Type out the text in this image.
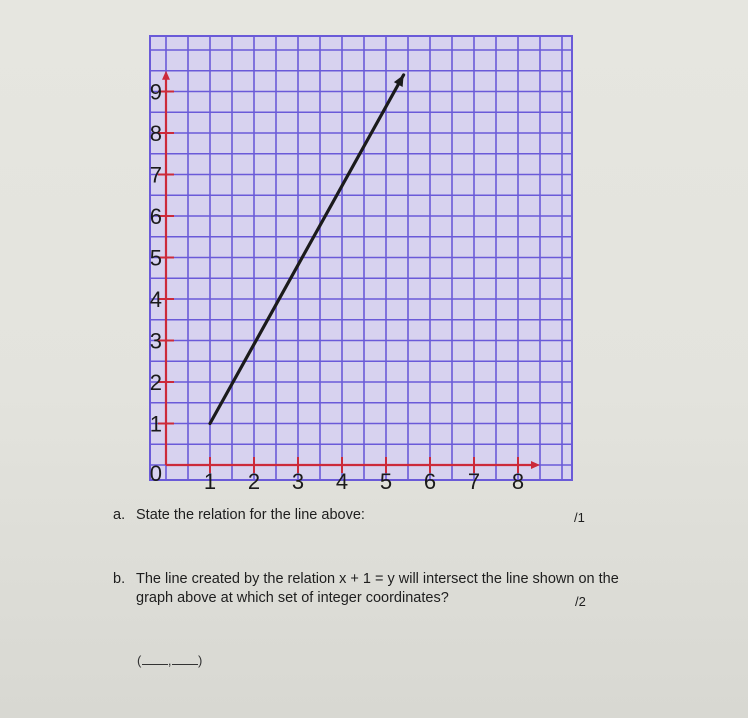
1 2 3 4 5 6 7 8
1
2
3
4
5
6
7
8
9
0
a. State the relation for the line above:	/1
b. The line created by the relation x + 1 = y will intersect the line shown on the graph above at which set of integer coordinates?	/2
( , )
